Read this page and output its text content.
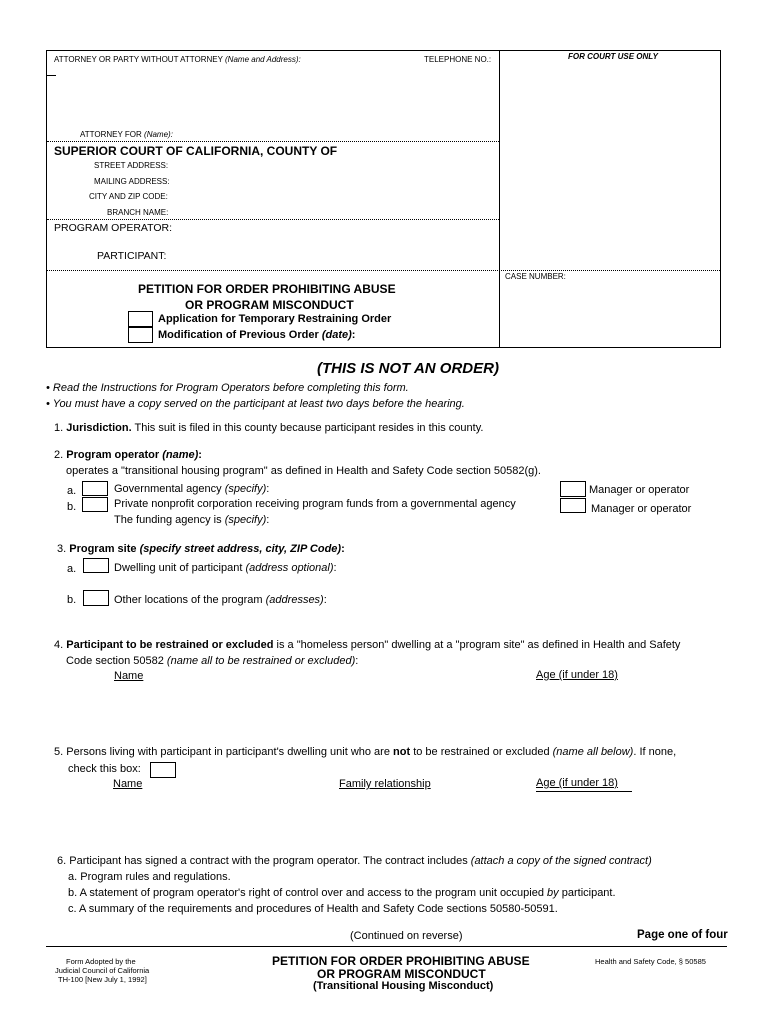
ATTORNEY OR PARTY WITHOUT ATTORNEY (Name and Address):	TELEPHONE NO.:	FOR COURT USE ONLY
ATTORNEY FOR (Name):
SUPERIOR COURT OF CALIFORNIA, COUNTY OF
STREET ADDRESS:
MAILING ADDRESS:
CITY AND ZIP CODE:
BRANCH NAME:
PROGRAM OPERATOR:
PARTICIPANT:
CASE NUMBER:
PETITION FOR ORDER PROHIBITING ABUSE
OR PROGRAM MISCONDUCT
Application for Temporary Restraining Order
Modification of Previous Order (date):
(THIS IS NOT AN ORDER)
• Read the Instructions for Program Operators before completing this form.
• You must have a copy served on the participant at least two days before the hearing.
1. Jurisdiction. This suit is filed in this county because participant resides in this county.
2. Program operator (name):
operates a "transitional housing program" as defined in Health and Safety Code section 50582(g).
a.	Governmental agency (specify):
b.	Private nonprofit corporation receiving program funds from a governmental agency
The funding agency is (specify):
Manager or operator
Manager or operator
3. Program site (specify street address, city, ZIP Code):
a.	Dwelling unit of participant (address optional):
b.	Other locations of the program (addresses):
4. Participant to be restrained or excluded is a "homeless person" dwelling at a "program site" as defined in Health and Safety
Code section 50582 (name all to be restrained or excluded):
Name	Age (if under 18)
5. Persons living with participant in participant's dwelling unit who are not to be restrained or excluded (name all below). If none,
check this box:
Name	Family relationship	Age (if under 18)
6. Participant has signed a contract with the program operator. The contract includes (attach a copy of the signed contract)
a. Program rules and regulations.
b. A statement of program operator's right of control over and access to the program unit occupied by participant.
c. A summary of the requirements and procedures of Health and Safety Code sections 50580-50591.
(Continued on reverse)	Page one of four
Form Adopted by the
Judicial Council of California
TH-100 [New July 1, 1992]
PETITION FOR ORDER PROHIBITING ABUSE
OR PROGRAM MISCONDUCT
(Transitional Housing Misconduct)
Health and Safety Code, § 50585
